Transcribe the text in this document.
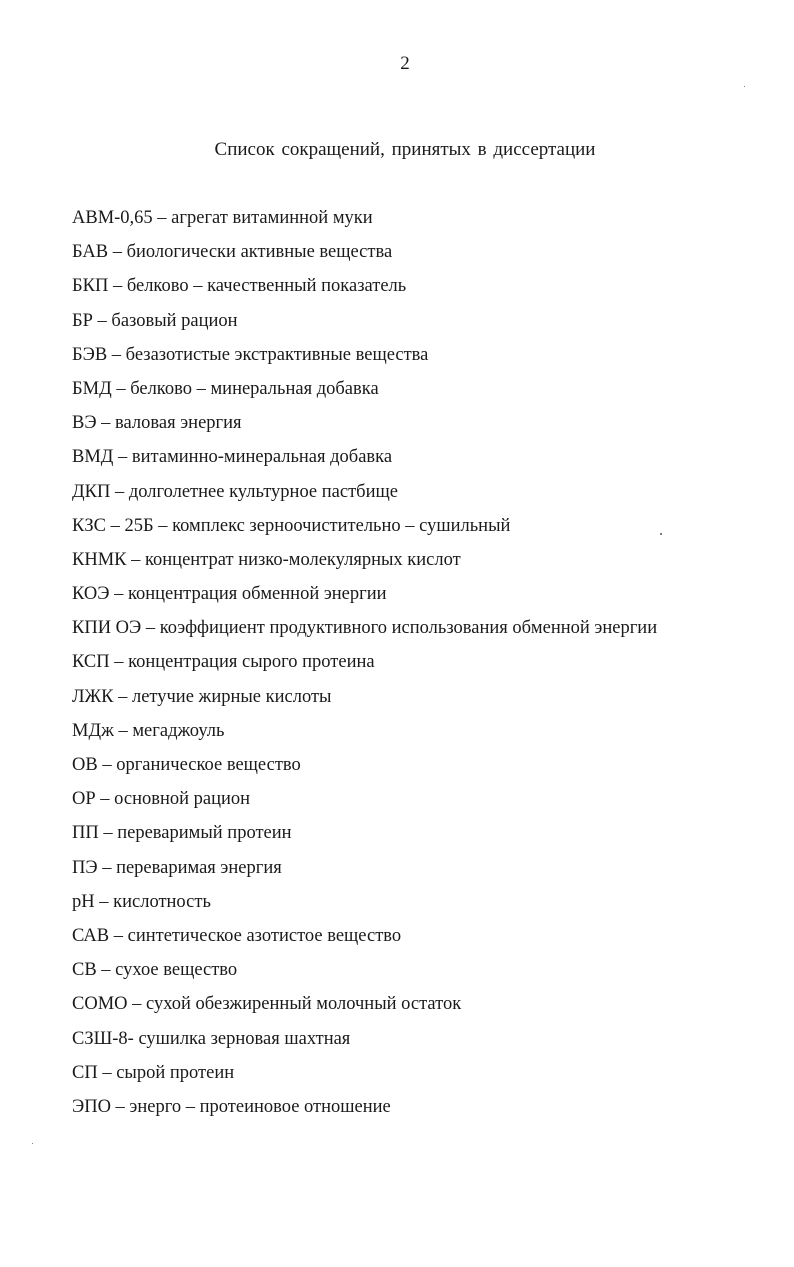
2
Список сокращений, принятых в диссертации
АВМ-0,65 – агрегат витаминной муки
БАВ – биологически активные вещества
БКП – белково – качественный показатель
БР – базовый рацион
БЭВ – безазотистые экстрактивные вещества
БМД – белково – минеральная добавка
ВЭ – валовая энергия
ВМД – витаминно-минеральная добавка
ДКП – долголетнее культурное пастбище
КЗС – 25Б – комплекс зерноочистительно – сушильный
КНМК – концентрат низко-молекулярных кислот
КОЭ – концентрация обменной энергии
КПИ ОЭ – коэффициент продуктивного использования обменной энергии
КСП – концентрация сырого протеина
ЛЖК – летучие жирные кислоты
МДж – мегаджоуль
ОВ – органическое вещество
ОР – основной рацион
ПП – переваримый протеин
ПЭ – переваримая энергия
pH – кислотность
САВ – синтетическое азотистое вещество
СВ – сухое вещество
СОМО – сухой обезжиренный молочный остаток
СЗШ-8- сушилка зерновая шахтная
СП – сырой протеин
ЭПО – энерго – протеиновое отношение
